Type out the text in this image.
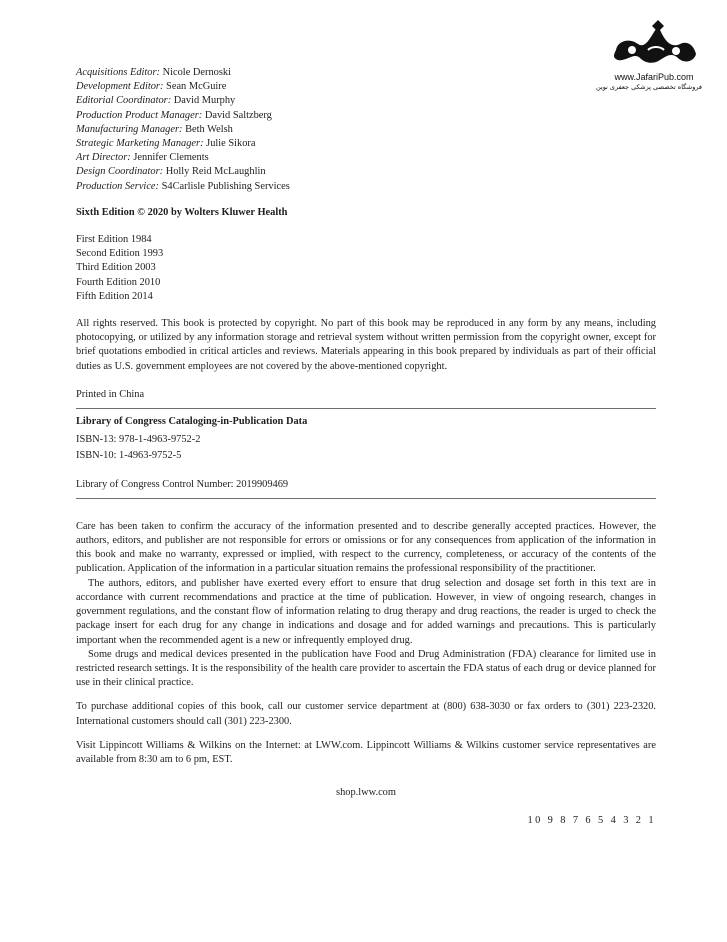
www.JafariPub.com
فروشگاه تخصصی پزشکی جعفری نوین
Acquisitions Editor: Nicole Dernoski
Development Editor: Sean McGuire
Editorial Coordinator: David Murphy
Production Product Manager: David Saltzberg
Manufacturing Manager: Beth Welsh
Strategic Marketing Manager: Julie Sikora
Art Director: Jennifer Clements
Design Coordinator: Holly Reid McLaughlin
Production Service: S4Carlisle Publishing Services
Sixth Edition © 2020 by Wolters Kluwer Health
First Edition 1984
Second Edition 1993
Third Edition 2003
Fourth Edition 2010
Fifth Edition 2014

All rights reserved. This book is protected by copyright. No part of this book may be reproduced in any form by any means, including photocopying, or utilized by any information storage and retrieval system without written permission from the copyright owner, except for brief quotations embodied in critical articles and reviews. Materials appearing in this book prepared by individuals as part of their official duties as U.S. government employees are not covered by the above-mentioned copyright.

Printed in China
Library of Congress Cataloging-in-Publication Data
ISBN-13: 978-1-4963-9752-2
ISBN-10: 1-4963-9752-5
Library of Congress Control Number: 2019909469

Care has been taken to confirm the accuracy of the information presented and to describe generally accepted practices. However, the authors, editors, and publisher are not responsible for errors or omissions or for any consequences from application of the information in this book and make no warranty, expressed or implied, with respect to the currency, completeness, or accuracy of the contents of the publication. Application of the information in a particular situation remains the professional responsibility of the practitioner.

The authors, editors, and publisher have exerted every effort to ensure that drug selection and dosage set forth in this text are in accordance with current recommendations and practice at the time of publication. However, in view of ongoing research, changes in government regulations, and the constant flow of information relating to drug therapy and drug reactions, the reader is urged to check the package insert for each drug for any change in indications and dosage and for added warnings and precautions. This is particularly important when the recommended agent is a new or infrequently employed drug.

Some drugs and medical devices presented in the publication have Food and Drug Administration (FDA) clearance for limited use in restricted research settings. It is the responsibility of the health care provider to ascertain the FDA status of each drug or device planned for use in their clinical practice.

To purchase additional copies of this book, call our customer service department at (800) 638-3030 or fax orders to (301) 223-2320. International customers should call (301) 223-2300.

Visit Lippincott Williams & Wilkins on the Internet: at LWW.com. Lippincott Williams & Wilkins customer service representatives are available from 8:30 am to 6 pm, EST.

shop.lww.com
10 9 8 7 6 5 4 3 2 1
